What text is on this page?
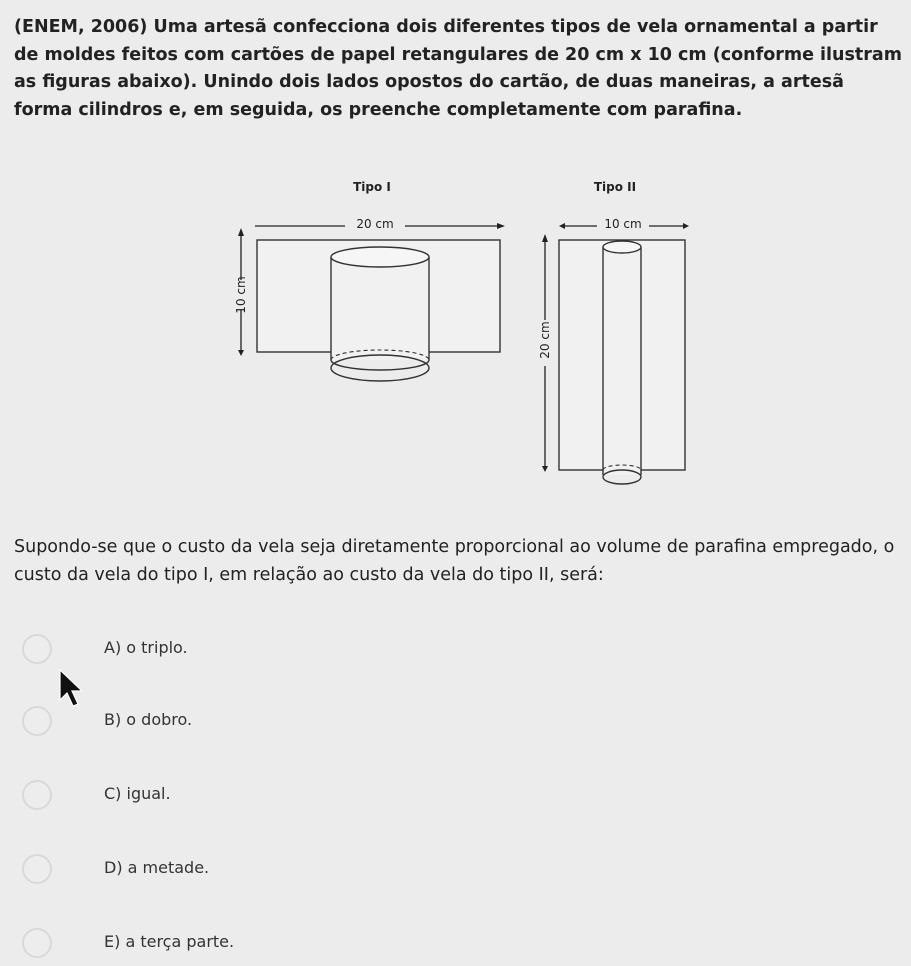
(ENEM, 2006) Uma artesã confecciona dois diferentes tipos de vela ornamental a partir de moldes feitos com cartões de papel retangulares de 20 cm x 10 cm (conforme ilustram as figuras abaixo). Unindo dois lados opostos do cartão, de duas maneiras, a artesã forma cilindros e, em seguida, os preenche completamente com parafina.
Tipo I
20 cm
10 cm
Tipo II
10 cm
20 cm
Supondo-se que o custo da vela seja diretamente proporcional ao volume de parafina empregado, o custo da vela do tipo I, em relação ao custo da vela do tipo II, será:
A) o triplo.
B) o dobro.
C) igual.
D) a metade.
E) a terça parte.
